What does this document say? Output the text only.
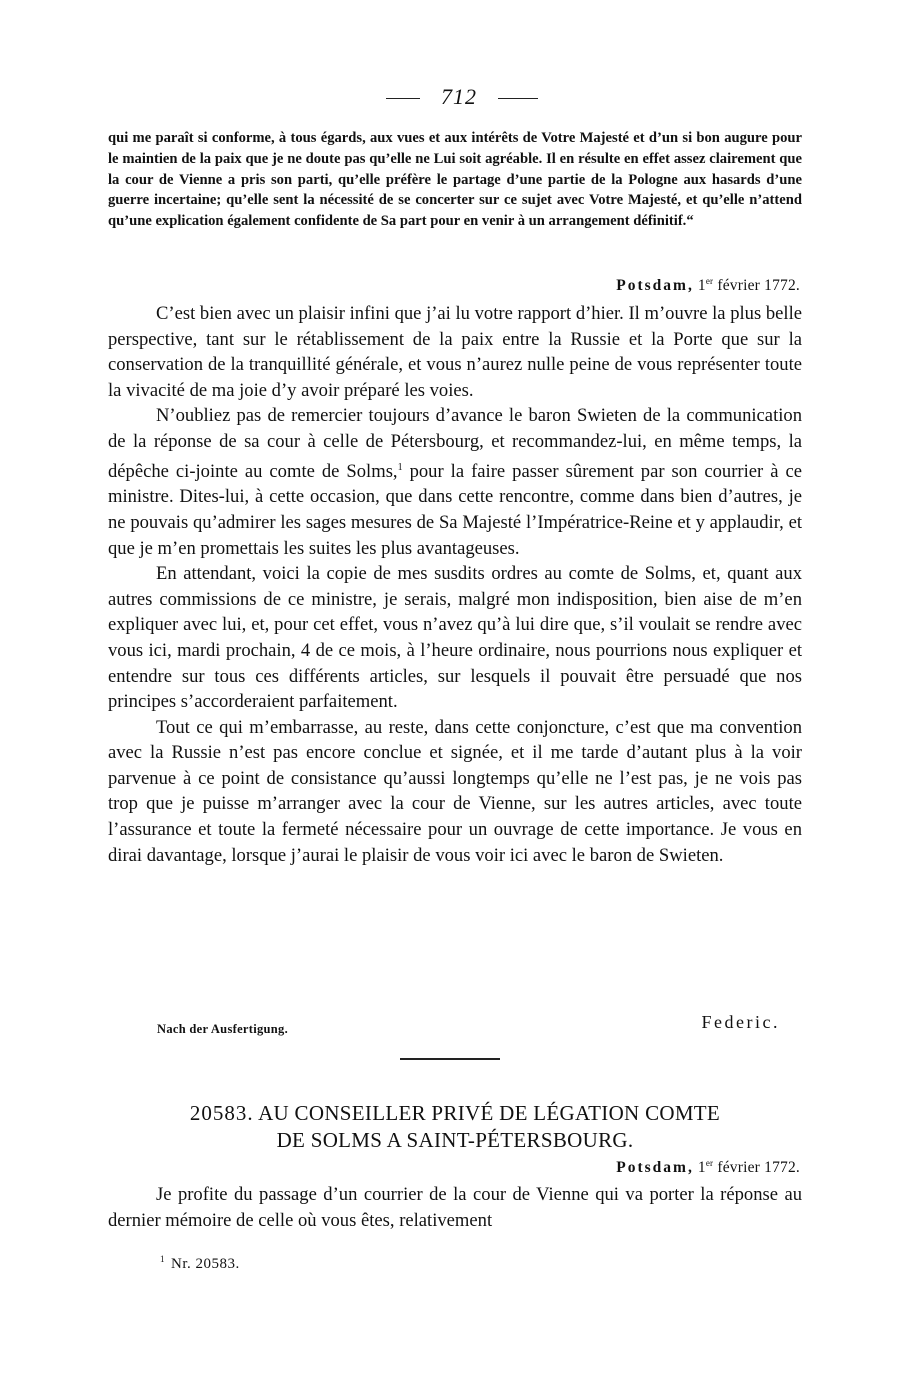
712
qui me paraît si conforme, à tous égards, aux vues et aux intérêts de Votre Majesté et d’un si bon augure pour le maintien de la paix que je ne doute pas qu’elle ne Lui soit agréable. Il en résulte en effet assez clairement que la cour de Vienne a pris son parti, qu’elle préfère le partage d’une partie de la Pologne aux hasards d’une guerre incertaine; qu’elle sent la nécessité de se concerter sur ce sujet avec Votre Majesté, et qu’elle n’attend qu’une explication également confidente de Sa part pour en venir à un arrangement définitif.“
Potsdam, 1er février 1772.

C’est bien avec un plaisir infini que j’ai lu votre rapport d’hier. Il m’ouvre la plus belle perspective, tant sur le rétablissement de la paix entre la Russie et la Porte que sur la conservation de la tranquillité générale, et vous n’aurez nulle peine de vous représenter toute la vivacité de ma joie d’y avoir préparé les voies.

N’oubliez pas de remercier toujours d’avance le baron Swieten de la communication de la réponse de sa cour à celle de Pétersbourg, et recommandez-lui, en même temps, la dépêche ci-jointe au comte de Solms,$^1$ pour la faire passer sûrement par son courrier à ce ministre. Dites-lui, à cette occasion, que dans cette rencontre, comme dans bien d’autres, je ne pouvais qu’admirer les sages mesures de Sa Majesté l’Impératrice-Reine et y applaudir, et que je m’en promettais les suites les plus avantageuses.

En attendant, voici la copie de mes susdits ordres au comte de Solms, et, quant aux autres commissions de ce ministre, je serais, malgré mon indisposition, bien aise de m’en expliquer avec lui, et, pour cet effet, vous n’avez qu’à lui dire que, s’il voulait se rendre avec vous ici, mardi prochain, 4 de ce mois, à l’heure ordinaire, nous pourrions nous expliquer et entendre sur tous ces différents articles, sur lesquels il pouvait être persuadé que nos principes s’accorderaient parfaitement.

Tout ce qui m’embarrasse, au reste, dans cette conjoncture, c’est que ma convention avec la Russie n’est pas encore conclue et signée, et il me tarde d’autant plus à la voir parvenue à ce point de consistance qu’aussi longtemps qu’elle ne l’est pas, je ne vois pas trop que je puisse m’arranger avec la cour de Vienne, sur les autres articles, avec toute l’assurance et toute la fermeté nécessaire pour un ouvrage de cette importance. Je vous en dirai davantage, lorsque j’aurai le plaisir de vous voir ici avec le baron de Swieten.

Nach der Ausfertigung.	Federic.
20583. AU CONSEILLER PRIVÉ DE LÉGATION COMTE
DE SOLMS A SAINT-PÉTERSBOURG.
Potsdam, 1er février 1772.

Je profite du passage d’un courrier de la cour de Vienne qui va porter la réponse au dernier mémoire de celle où vous êtes, relativement

$^1$ Nr. 20583.
